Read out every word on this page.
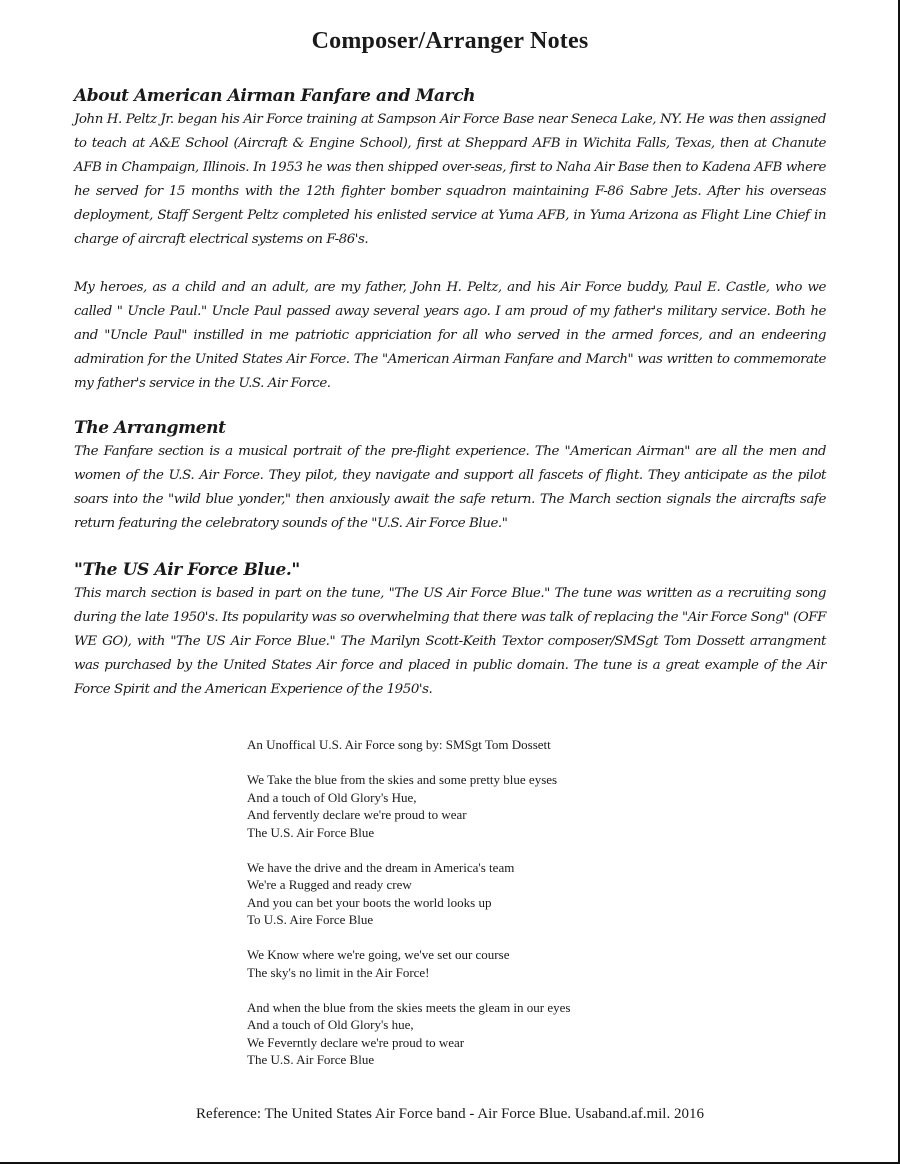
Composer/Arranger Notes
About American Airman Fanfare and March
John H. Peltz Jr. began his Air Force training at Sampson Air Force Base near Seneca Lake, NY. He was then assigned to teach at A&E School (Aircraft & Engine School), first at Sheppard AFB in Wichita Falls, Texas, then at Chanute AFB in Champaign, Illinois. In 1953 he was then shipped over-seas, first to Naha Air Base then to Kadena AFB where he served for 15 months with the 12th fighter bomber squadron maintaining F-86 Sabre Jets. After his overseas deployment, Staff Sergent Peltz completed his enlisted service at Yuma AFB, in Yuma Arizona as Flight Line Chief in charge of aircraft electrical systems on F-86's.
My heroes, as a child and an adult, are my father, John H. Peltz, and his Air Force buddy, Paul E. Castle, who we called " Uncle Paul." Uncle Paul passed away several years ago. I am proud of my father's military service. Both he and "Uncle Paul" instilled in me patriotic appriciation for all who served in the armed forces, and an endeering admiration for the United States Air Force. The "American Airman Fanfare and March" was written to commemorate my father's service in the U.S. Air Force.
The Arrangment
The Fanfare section is a musical portrait of the pre-flight experience. The "American Airman" are all the men and women of the U.S. Air Force. They pilot, they navigate and support all fascets of flight. They anticipate as the pilot soars into the "wild blue yonder," then anxiously await the safe return. The March section signals the aircrafts safe return featuring the celebratory sounds of the "U.S. Air Force Blue."
"The US Air Force Blue."
This march section is based in part on the tune, "The US Air Force Blue." The tune was written as a recruiting song during the late 1950's. Its popularity was so overwhelming that there was talk of replacing the "Air Force Song" (OFF WE GO), with "The US Air Force Blue." The Marilyn Scott-Keith Textor composer/SMSgt Tom Dossett arrangment was purchased by the United States Air force and placed in public domain. The tune is a great example of the Air Force Spirit and the American Experience of the 1950's.
An Unoffical U.S. Air Force song by: SMSgt Tom Dossett
We Take the blue from the skies and some pretty blue eyses
And a touch of Old Glory's Hue,
And fervently declare we're proud to wear
The U.S. Air Force Blue
We have the drive and the dream in America's team
We're a Rugged and ready crew
And you can bet your boots the world looks up
To U.S. Aire Force Blue
We Know where we're going, we've set our course
The sky's no limit in the Air Force!
And when the blue from the skies meets the gleam in our eyes
And a touch of Old Glory's hue,
We Feverntly declare we're proud to wear
The U.S. Air Force Blue
Reference: The United States Air Force band - Air Force Blue. Usaband.af.mil. 2016
